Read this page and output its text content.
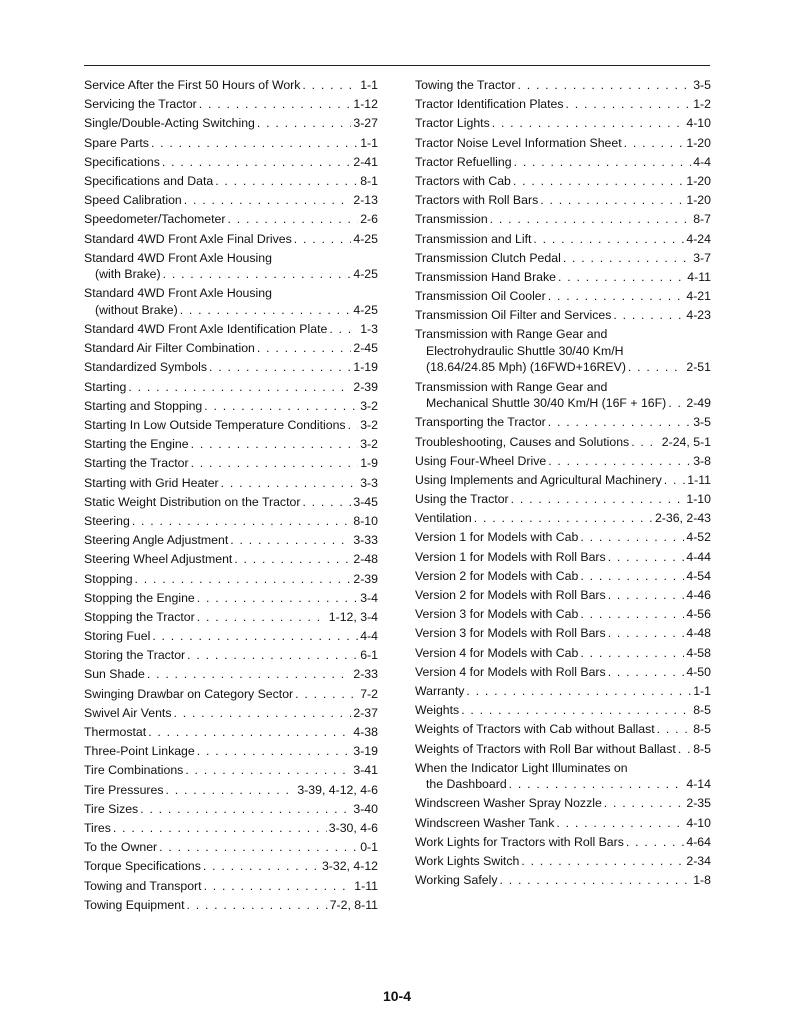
Service After the First 50 Hours of Work . . .	1-1
Servicing the Tractor . . .	1-12
Single/Double-Acting Switching . . .	3-27
Spare Parts . . .	1-1
Specifications . . .	2-41
Specifications and Data . . .	8-1
Speed Calibration . . .	2-13
Speedometer/Tachometer . . .	2-6
Standard 4WD Front Axle Final Drives . . .	4-25
Standard 4WD Front Axle Housing
(with Brake) . . .	4-25
Standard 4WD Front Axle Housing
(without Brake) . . .	4-25
Standard 4WD Front Axle Identification Plate . . .	1-3
Standard Air Filter Combination . . .	2-45
Standardized Symbols . . .	1-19
Starting . . .	2-39
Starting and Stopping . . .	3-2
Starting In Low Outside Temperature Conditions . . . 3-2
Starting the Engine . . .	3-2
Starting the Tractor . . .	1-9
Starting with Grid Heater . . .	3-3
Static Weight Distribution on the Tractor . . .	3-45
Steering . . .	8-10
Steering Angle Adjustment . . .	3-33
Steering Wheel Adjustment . . .	2-48
Stopping . . .	2-39
Stopping the Engine . . .	3-4
Stopping the Tractor . . .	1-12, 3-4
Storing Fuel . . .	4-4
Storing the Tractor . . .	6-1
Sun Shade . . .	2-33
Swinging Drawbar on Category Sector . . .	7-2
Swivel Air Vents . . .	2-37
Thermostat . . .	4-38
Three-Point Linkage . . .	3-19
Tire Combinations . . .	3-41
Tire Pressures . . .	3-39, 4-12, 4-6
Tire Sizes . . .	3-40
Tires . . .	3-30, 4-6
To the Owner . . .	0-1
Torque Specifications . . .	3-32, 4-12
Towing and Transport . . .	1-11
Towing Equipment . . .	7-2, 8-11
Towing the Tractor . . .	3-5
Tractor Identification Plates . . .	1-2
Tractor Lights . . .	4-10
Tractor Noise Level Information Sheet . . .	1-20
Tractor Refuelling . . .	4-4
Tractors with Cab . . .	1-20
Tractors with Roll Bars . . .	1-20
Transmission . . .	8-7
Transmission and Lift . . .	4-24
Transmission Clutch Pedal . . .	3-7
Transmission Hand Brake . . .	4-11
Transmission Oil Cooler . . .	4-21
Transmission Oil Filter and Services . . .	4-23
Transmission with Range Gear and
Electrohydraulic Shuttle 30/40 Km/H
(18.64/24.85 Mph) (16FWD+16REV) . . .	2-51
Transmission with Range Gear and
Mechanical Shuttle 30/40 Km/H (16F + 16F) . . . 2-49
Transporting the Tractor . . .	3-5
Troubleshooting, Causes and Solutions . . .	2-24, 5-1
Using Four-Wheel Drive . . .	3-8
Using Implements and Agricultural Machinery . . . 1-11
Using the Tractor . . .	1-10
Ventilation . . .	2-36, 2-43
Version 1 for Models with Cab . . .	4-52
Version 1 for Models with Roll Bars . . .	4-44
Version 2 for Models with Cab . . .	4-54
Version 2 for Models with Roll Bars . . .	4-46
Version 3 for Models with Cab . . .	4-56
Version 3 for Models with Roll Bars . . .	4-48
Version 4 for Models with Cab . . .	4-58
Version 4 for Models with Roll Bars . . .	4-50
Warranty . . .	1-1
Weights . . .	8-5
Weights of Tractors with Cab without Ballast . . .	8-5
Weights of Tractors with Roll Bar without Ballast . . . 8-5
When the Indicator Light Illuminates on
the Dashboard . . .	4-14
Windscreen Washer Spray Nozzle . . .	2-35
Windscreen Washer Tank . . .	4-10
Work Lights for Tractors with Roll Bars . . .	4-64
Work Lights Switch . . .	2-34
Working Safely . . .	1-8
10-4
